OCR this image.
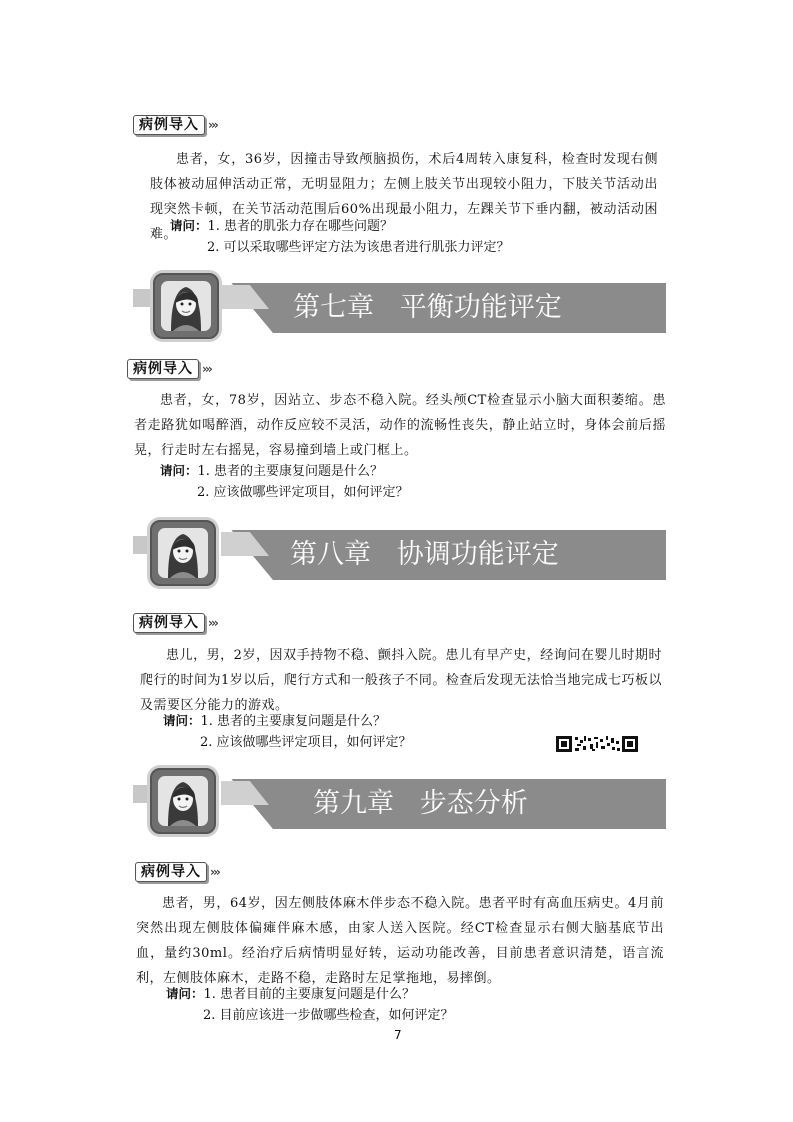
病例导入 ›››
患者，女，36岁，因撞击导致颅脑损伤，术后4周转入康复科，检查时发现右侧肢体被动屈伸活动正常，无明显阻力；左侧上肢关节出现较小阻力，下肢关节活动出现突然卡顿，在关节活动范围后60%出现最小阻力，左踝关节下垂内翻，被动活动困难。
请问：1. 患者的肌张力存在哪些问题？
2. 可以采取哪些评定方法为该患者进行肌张力评定？
第七章 平衡功能评定
病例导入 ›››
患者，女，78岁，因站立、步态不稳入院。经头颅CT检查显示小脑大面积萎缩。患者走路犹如喝醉酒，动作反应较不灵活，动作的流畅性丧失，静止站立时，身体会前后摇晃，行走时左右摇晃，容易撞到墙上或门框上。
请问：1. 患者的主要康复问题是什么？
2. 应该做哪些评定项目，如何评定？
第八章 协调功能评定
病例导入 ›››
患儿，男，2岁，因双手持物不稳、颤抖入院。患儿有早产史，经询问在婴儿时期时爬行的时间为1岁以后，爬行方式和一般孩子不同。检查后发现无法恰当地完成七巧板以及需要区分能力的游戏。
请问：1. 患者的主要康复问题是什么？
2. 应该做哪些评定项目，如何评定？
第九章 步态分析
病例导入 ›››
患者，男，64岁，因左侧肢体麻木伴步态不稳入院。患者平时有高血压病史。4月前突然出现左侧肢体偏瘫伴麻木感，由家人送入医院。经CT检查显示右侧大脑基底节出血，量约30ml。经治疗后病情明显好转，运动功能改善，目前患者意识清楚，语言流利，左侧肢体麻木，走路不稳，走路时左足掌拖地，易摔倒。
请问：1. 患者目前的主要康复问题是什么？
2. 目前应该进一步做哪些检查，如何评定？
7
